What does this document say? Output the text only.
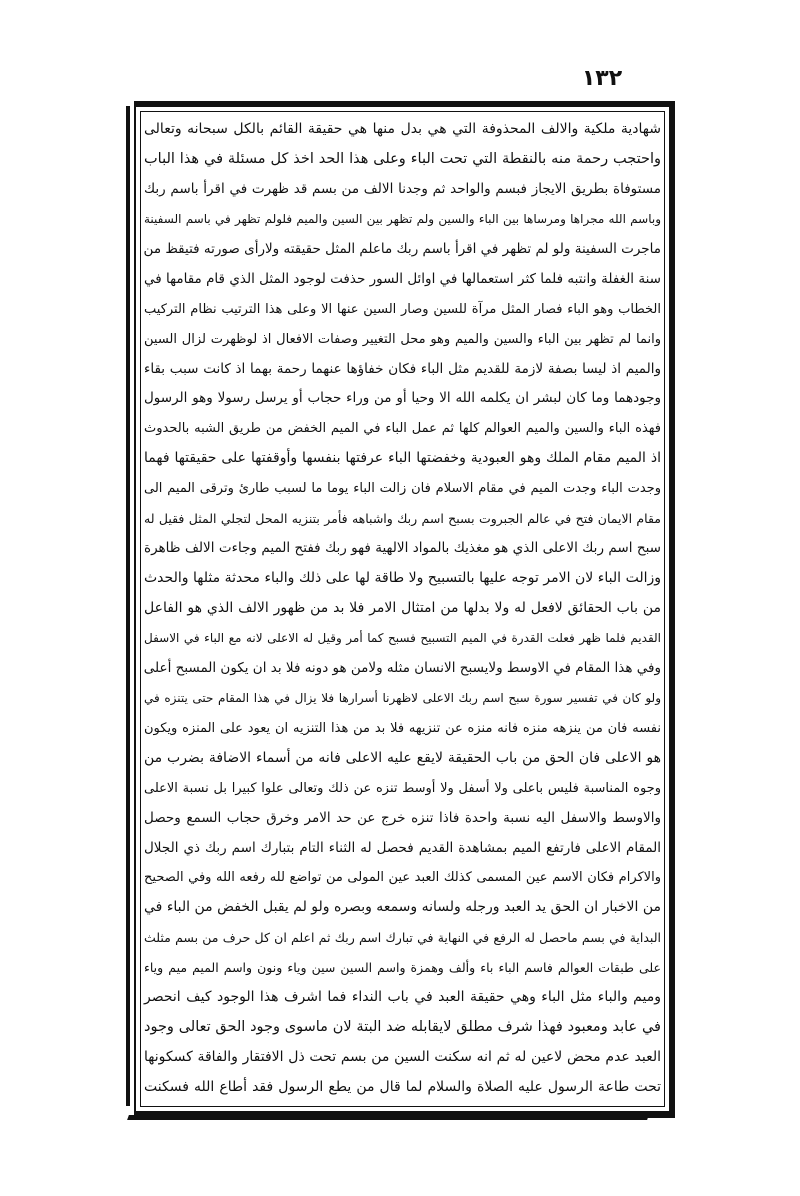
١٣٢
شهادية ملكية والالف المحذوفة التي هي بدل منها هي حقيقة القائم بالكل سبحانه وتعالى
واحتجب رحمة منه بالنقطة التي تحت الباء وعلى هذا الحد اخذ كل مسئلة في هذا الباب
مستوفاة بطريق الايجاز فبسم والواحد ثم وجدنا الالف من بسم قد ظهرت في اقرأ باسم ربك
وباسم الله مجراها ومرساها بين الباء والسين ولم تظهر بين السين والميم فلولم تظهر في باسم السفينة
ماجرت السفينة ولو لم تظهر في اقرأ باسم ربك ماعلم المثل حقيقته ولارأى صورته فتيقظ من
سنة الغفلة وانتبه فلما كثر استعمالها في اوائل السور حذفت لوجود المثل الذي قام مقامها في
الخطاب وهو الباء فصار المثل مرآة للسين وصار السين عنها الا وعلى هذا الترتيب نظام التركيب
وانما لم تظهر بين الباء والسين والميم وهو محل التغيير وصفات الافعال اذ لوظهرت لزال السين
والميم اذ ليسا بصفة لازمة للقديم مثل الباء فكان خفاؤها عنهما رحمة بهما اذ كانت سبب بقاء
وجودهما وما كان لبشر ان يكلمه الله الا وحيا أو من وراء حجاب أو يرسل رسولا وهو الرسول
فهذه الباء والسين والميم العوالم كلها ثم عمل الباء في الميم الخفض من طريق الشبه بالحدوث
اذ الميم مقام الملك وهو العبودية وخفضتها الباء عرفتها بنفسها وأوقفتها على حقيقتها فهما
وجدت الباء وجدت الميم في مقام الاسلام فان زالت الباء يوما ما لسبب طارئ وترقى الميم الى
مقام الايمان فتح في عالم الجبروت بسبح اسم ربك واشباهه فأمر بتنزيه المحل لتجلي المثل فقيل له
سبح اسم ربك الاعلى الذي هو مغذيك بالمواد الالهية فهو ربك ففتح الميم وجاءت الالف ظاهرة
وزالت الباء لان الامر توجه عليها بالتسبيح ولا طاقة لها على ذلك والباء محدثة مثلها والحدث
من باب الحقائق لافعل له ولا بدلها من امتثال الامر فلا بد من ظهور الالف الذي هو الفاعل
القديم فلما ظهر فعلت القدرة في الميم التسبيح فسبح كما أمر وقيل له الاعلى لانه مع الباء في الاسفل
وفي هذا المقام في الاوسط ولايسبح الانسان مثله ولامن هو دونه فلا بد ان يكون المسبح أعلى
ولو كان في تفسير سورة سبح اسم ربك الاعلى لاظهرنا أسرارها فلا يزال في هذا المقام حتى يتنزه في
نفسه فان من ينزهه منزه فانه منزه عن تنزيهه فلا بد من هذا التنزيه ان يعود على المنزه ويكون
هو الاعلى فان الحق من باب الحقيقة لايقع عليه الاعلى فانه من أسماء الاضافة بضرب من
وجوه المناسبة فليس باعلى ولا أسفل ولا أوسط تنزه عن ذلك وتعالى علوا كبيرا بل نسبة الاعلى
والاوسط والاسفل اليه نسبة واحدة فاذا تنزه خرج عن حد الامر وخرق حجاب السمع وحصل
المقام الاعلى فارتفع الميم بمشاهدة القديم فحصل له الثناء التام بتبارك اسم ربك ذي الجلال
والاكرام فكان الاسم عين المسمى كذلك العبد عين المولى من تواضع لله رفعه الله وفي الصحيح
من الاخبار ان الحق يد العبد ورجله ولسانه وسمعه وبصره ولو لم يقبل الخفض من الباء في
البداية في بسم ماحصل له الرفع في النهاية في تبارك اسم ربك ثم اعلم ان كل حرف من بسم مثلث
على طبقات العوالم فاسم الباء باء وألف وهمزة واسم السين سين وياء ونون واسم الميم ميم وياء
وميم والباء مثل الباء وهي حقيقة العبد في باب النداء فما اشرف هذا الوجود كيف انحصر
في عابد ومعبود فهذا شرف مطلق لايقابله ضد البتة لان ماسوى وجود الحق تعالى وجود
العبد عدم محض لاعين له ثم انه سكنت السين من بسم تحت ذل الافتقار والفاقة كسكونها
تحت طاعة الرسول عليه الصلاة والسلام لما قال من يطع الرسول فقد أطاع الله فسكنت
